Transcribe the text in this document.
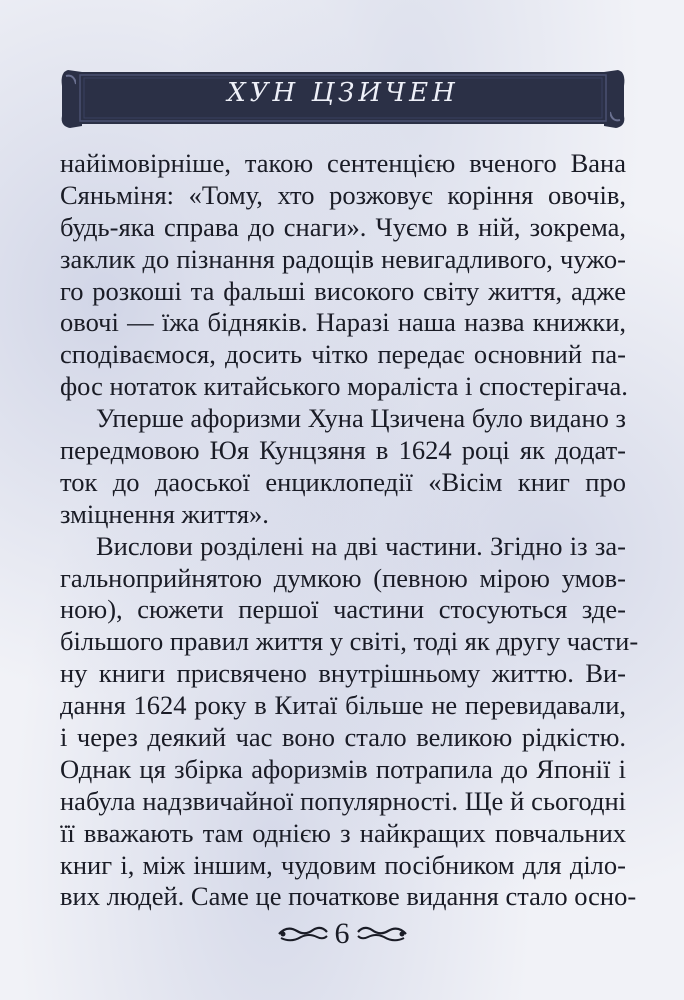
ХУН ЦЗИЧЕН
найімовірніше, такою сентенцією вченого Вана
Сяньміня: «Тому, хто розжовує коріння овочів,
будь-яка справа до снаги». Чуємо в ній, зокрема,
заклик до пізнання радощів невигадливого, чужо-
го розкоші та фальші високого світу життя, адже
овочі — їжа бідняків. Наразі наша назва книжки,
сподіваємося, досить чітко передає основний па-
фос нотаток китайського мораліста і спостерігача.
Уперше афоризми Хуна Цзичена було видано з
передмовою Юя Кунцзяня в 1624 році як додат-
ток до даоської енциклопедії «Вісім книг про
зміцнення життя».
Вислови розділені на дві частини. Згідно із за-
гальноприйнятою думкою (певною мірою умов-
ною), сюжети першої частини стосуються зде-
більшого правил життя у світі, тоді як другу части-
ну книги присвячено внутрішньому життю. Ви-
дання 1624 року в Китаї більше не перевидавали,
і через деякий час воно стало великою рідкістю.
Однак ця збірка афоризмів потрапила до Японії і
набула надзвичайної популярності. Ще й сьогодні
її вважають там однією з найкращих повчальних
книг і, між іншим, чудовим посібником для діло-
вих людей. Саме це початкове видання стало осно-
6
